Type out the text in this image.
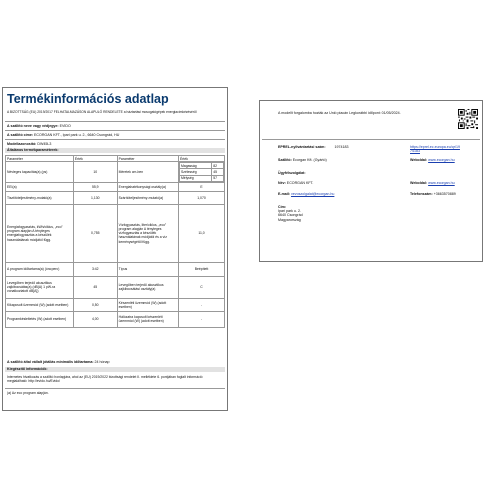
Termékinformációs adatlap
A BIZOTTSÁG (EU) 2019/2017 FELHATALMAZÁSON ALAPULÓ RENDELETE a háztartási mosogatógépek energiacímkézéséről
A szállító neve vagy védjegye: EVIDO
A szállító címe: ECORGAN KFT., Ipari park u. 2., 6640 Csongrád, HU
Modellazonosító: DW45L3
Általános termékparaméterek:
Paraméter	Érték	Paraméter	Érték
Névleges kapacitás(a) (ps)	10	Méretek cm-ben	
Magasság	82
Szélesség	45
Mélység	57

EEI(a)	55,9	Energiahatékonysági osztály(a)	E
Tisztítóteljesítmény-mutató(a)	1,130	Szárítóteljesítmény-mutató(a)	1,070
Energiafogyasztás, kWh/ciklus, „eco” program alapján A tényleges energiafogyasztás a készülék használatának módjától függ.	0,755	Vízfogyasztás, liter/ciklus, „eco” program alapján A tényleges vízfogyasztás a készülék használatának módjától és a víz keménységétől függ.	11,0
A program időtartama(a) (óra:perc)	3:42	Típus	Beépített
Levegőben terjedő akusztikus zajkibocsátás(a) (dB(A) 1 pW-ra vonatkoztatott dB[A])	45	Levegőben terjedő akusztikus zajkibocsátási osztály(a)	C
Kikapcsolt üzemmód (W) (adott esetben)	0,50	Készenléti üzemmód (W) (adott esetben)	-
Programkésleltetés (W) (adott esetben)	4,00	Hálózatra kapcsolt készenléti üzemmód (W) (adott esetben)	-
A szállító által vállalt jótállás minimális időtartama: 24 hónap
Kiegészítő információk:
Internetes hivatkozás a szállító honlapjára, ahol az (EU) 2019/2022 bizottsági rendelet II. melléklete 6. pontjában foglalt információ megtalálható: http://evido.hu/Evido/
(a) Az eco program alapján.
A modellt forgalomba hozták az Unió piacán Legkorábbi időpont: 01/05/2024.
EPREL-nyilvántartási szám:	1974183	https://eprel.ec.europa.eu/qr/19
74183
Szállító: Ecorgan Kft. (Gyártó)	Weboldal: www.ecorgan.hu
Ügyfélszolgálat:
Név: ECORGAN KFT.	Weboldal: www.ecorgan.hu
E-mail: vevoszolgalat@ecorgan.hu	Telefonszám: +3663570889
Cím:
Ipari park u. 2.
6640 Csongrád
Magyarország
